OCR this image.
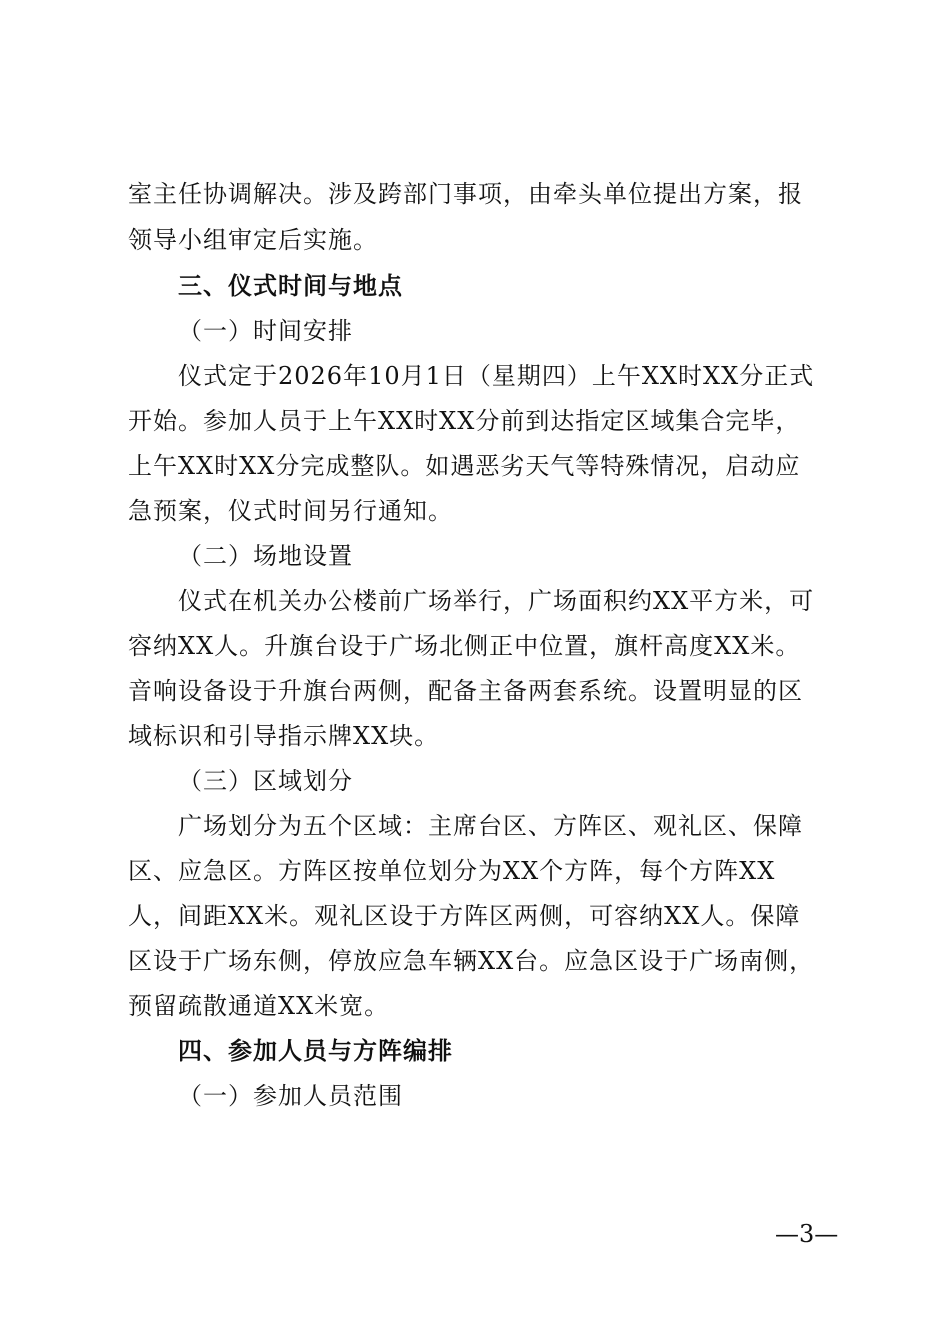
室主任协调解决。涉及跨部门事项，由牵头单位提出方案，报
领导小组审定后实施。
三、仪式时间与地点
（一）时间安排
仪式定于2026年10月1日（星期四）上午XX时XX分正式
开始。参加人员于上午XX时XX分前到达指定区域集合完毕，
上午XX时XX分完成整队。如遇恶劣天气等特殊情况，启动应
急预案，仪式时间另行通知。
（二）场地设置
仪式在机关办公楼前广场举行，广场面积约XX平方米，可
容纳XX人。升旗台设于广场北侧正中位置，旗杆高度XX米。
音响设备设于升旗台两侧，配备主备两套系统。设置明显的区
域标识和引导指示牌XX块。
（三）区域划分
广场划分为五个区域：主席台区、方阵区、观礼区、保障
区、应急区。方阵区按单位划分为XX个方阵，每个方阵XX
人，间距XX米。观礼区设于方阵区两侧，可容纳XX人。保障
区设于广场东侧，停放应急车辆XX台。应急区设于广场南侧，
预留疏散通道XX米宽。
四、参加人员与方阵编排
（一）参加人员范围
—3—
